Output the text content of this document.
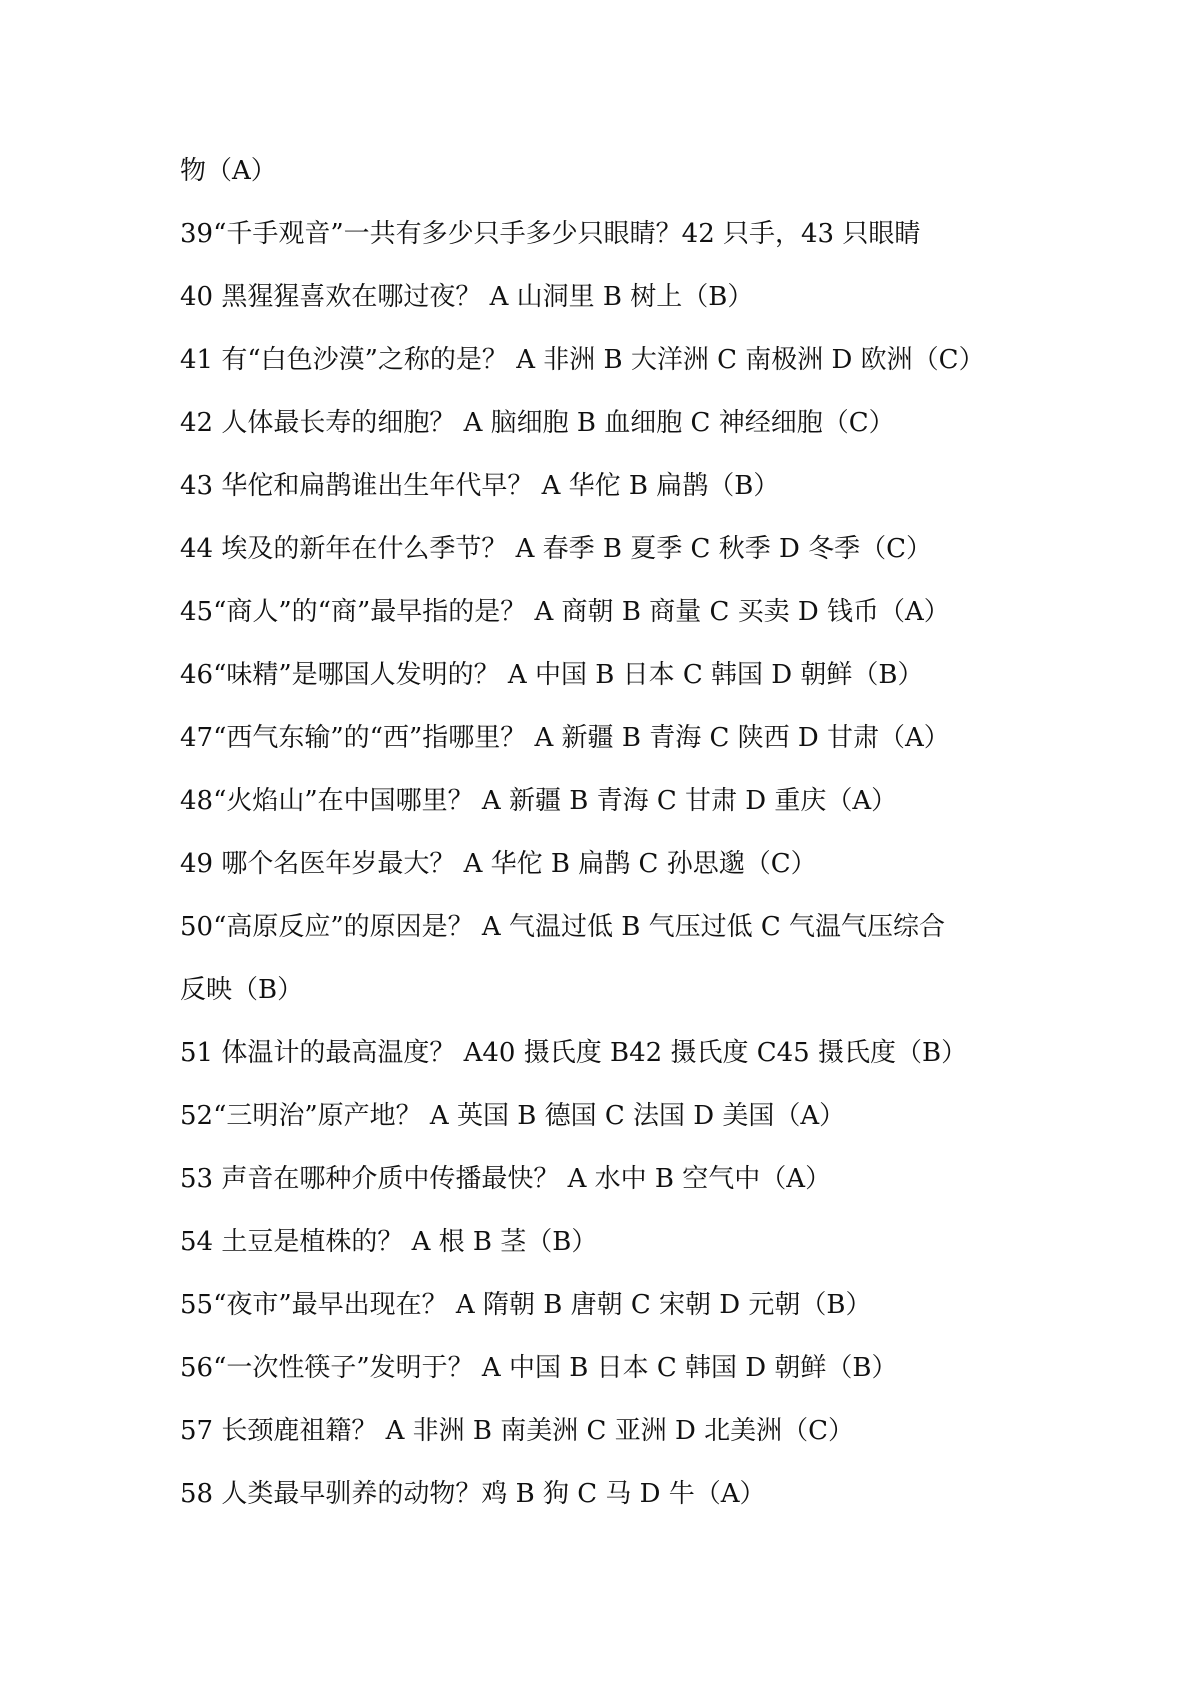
物（A）
39“千手观音”一共有多少只手多少只眼睛？42 只手，43 只眼睛
40 黑猩猩喜欢在哪过夜？ A 山洞里 B 树上（B）
41 有“白色沙漠”之称的是？ A 非洲 B 大洋洲 C 南极洲 D 欧洲（C）
42 人体最长寿的细胞？ A 脑细胞 B 血细胞 C 神经细胞（C）
43 华佗和扁鹊谁出生年代早？ A 华佗 B 扁鹊（B）
44 埃及的新年在什么季节？ A 春季 B 夏季 C 秋季 D 冬季（C）
45“商人”的“商”最早指的是？ A 商朝 B 商量 C 买卖 D 钱币（A）
46“味精”是哪国人发明的？ A 中国 B 日本 C 韩国 D 朝鲜（B）
47“西气东输”的“西”指哪里？ A 新疆 B 青海 C 陕西 D 甘肃（A）
48“火焰山”在中国哪里？ A 新疆 B 青海 C 甘肃 D 重庆（A）
49 哪个名医年岁最大？ A 华佗 B 扁鹊 C 孙思邈（C）
50“高原反应”的原因是？ A 气温过低 B 气压过低 C 气温气压综合
反映（B）
51 体温计的最高温度？ A40 摄氏度 B42 摄氏度 C45 摄氏度（B）
52“三明治”原产地？ A 英国 B 德国 C 法国 D 美国（A）
53 声音在哪种介质中传播最快？ A 水中 B 空气中（A）
54 土豆是植株的？ A 根 B 茎（B）
55“夜市”最早出现在？ A 隋朝 B 唐朝 C 宋朝 D 元朝（B）
56“一次性筷子”发明于？ A 中国 B 日本 C 韩国 D 朝鲜（B）
57 长颈鹿祖籍？ A 非洲 B 南美洲 C 亚洲 D 北美洲（C）
58 人类最早驯养的动物？鸡 B 狗 C 马 D 牛（A）
